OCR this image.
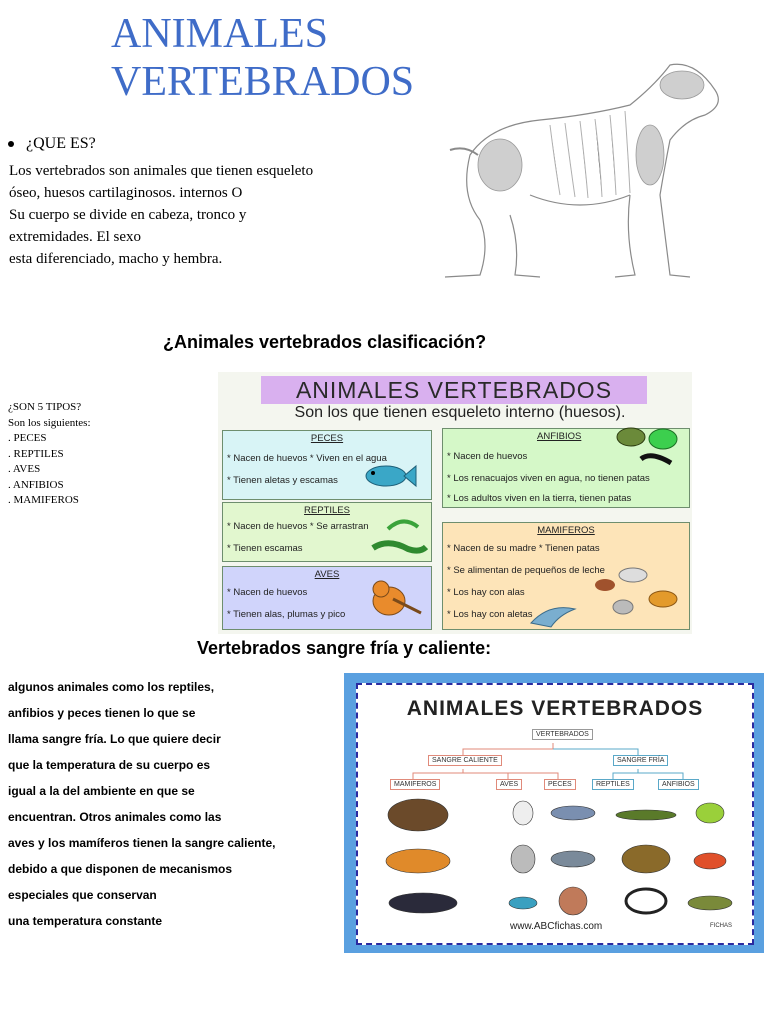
ANIMALES
VERTEBRADOS
¿QUE ES?
Los vertebrados son animales que tienen esqueleto
óseo, huesos cartilaginosos. internos O
Su cuerpo se divide en cabeza, tronco y
extremidades. El sexo
esta diferenciado, macho y hembra.
¿Animales vertebrados clasificación?
¿SON 5 TIPOS?
Son los siguientes:
. PECES
. REPTILES
. AVES
. ANFIBIOS
. MAMIFEROS
ANIMALES VERTEBRADOS
Son los que tienen esqueleto interno (huesos).
PECES
* Nacen de huevos * Viven en el agua
* Tienen aletas y escamas
REPTILES
* Nacen de huevos * Se arrastran
* Tienen escamas
AVES
* Nacen de huevos
* Tienen alas, plumas y pico
ANFIBIOS
* Nacen de huevos
* Los renacuajos viven en agua, no tienen patas
* Los adultos viven en la tierra, tienen patas
MAMIFEROS
* Nacen de su madre * Tienen patas
* Se alimentan de pequeños de leche
* Los hay con alas
* Los hay con aletas
Vertebrados sangre fría y caliente:
algunos animales como los reptiles,
anfibios y peces tienen lo que se
llama sangre fría. Lo que quiere decir
que la temperatura de su cuerpo es
igual a la del ambiente en que se
encuentran. Otros animales como las
aves y los mamíferos tienen la sangre caliente,
debido a que disponen de mecanismos
especiales que conservan
una temperatura constante
ANIMALES VERTEBRADOS
VERTEBRADOS
SANGRE CALIENTE	SANGRE FRÍA
MAMIFEROS	AVES	PECES	REPTILES	ANFIBIOS
www.ABCfichas.com	FICHAS
